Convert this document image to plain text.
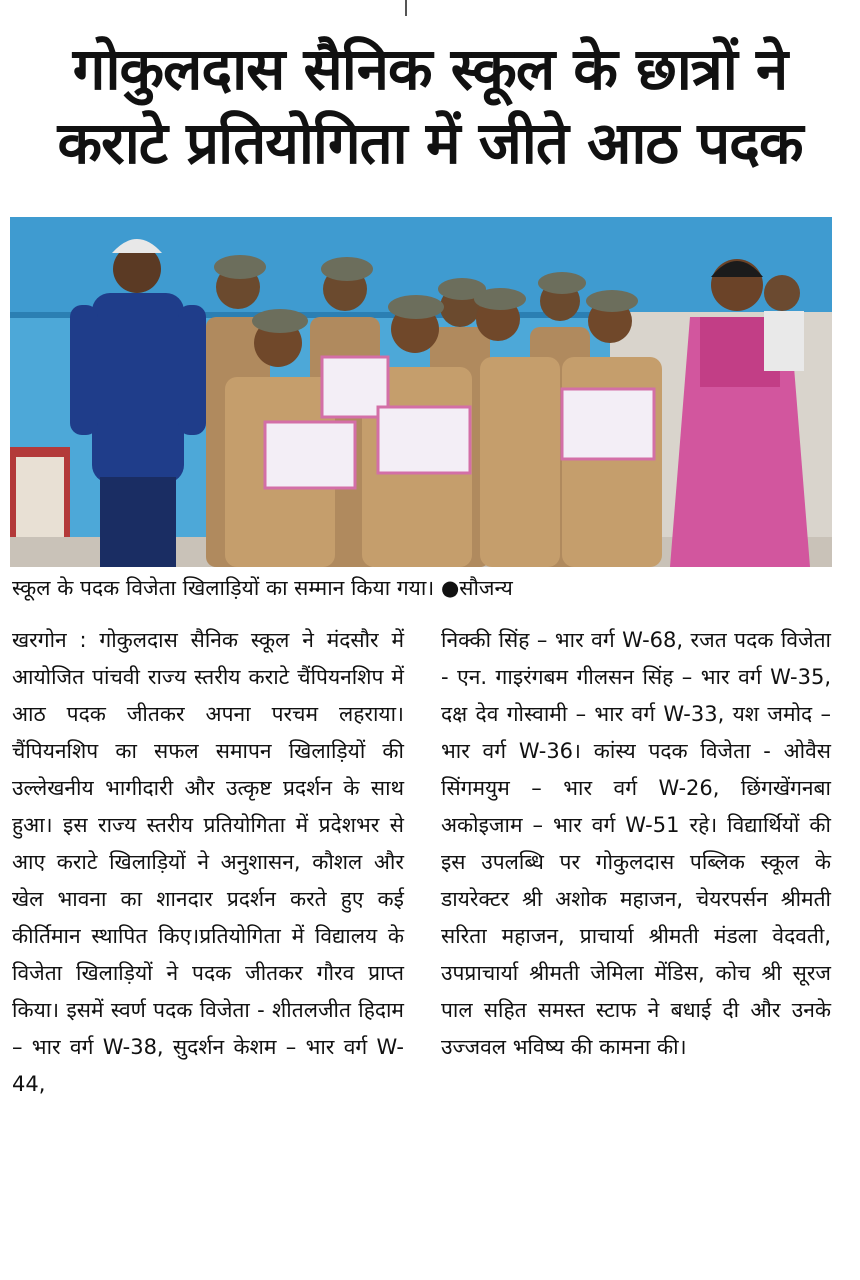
गोकुलदास सैनिक स्कूल के छात्रों ने
कराटे प्रतियोगिता में जीते आठ पदक
स्कूल के पदक विजेता खिलाड़ियों का सम्मान किया गया। ●सौजन्य

खरगोन : गोकुलदास सैनिक स्कूल ने मंदसौर में आयोजित पांचवी राज्य स्तरीय कराटे चैंपियनशिप में आठ पदक जीतकर अपना परचम लहराया। चैंपियनशिप का सफल समापन खिलाड़ियों की उल्लेखनीय भागीदारी और उत्कृष्ट प्रदर्शन के साथ हुआ। इस राज्य स्तरीय प्रतियोगिता में प्रदेशभर से आए कराटे खिलाड़ियों ने अनुशासन, कौशल और खेल भावना का शानदार प्रदर्शन करते हुए कई कीर्तिमान स्थापित किए।प्रतियोगिता में विद्यालय के विजेता खिलाड़ियों ने पदक जीतकर गौरव प्राप्त किया। इसमें स्वर्ण पदक विजेता - शीतलजीत हिदाम – भार वर्ग W-38, सुदर्शन केशम – भार वर्ग W-44,

निक्की सिंह – भार वर्ग W-68, रजत पदक विजेता - एन. गाइरंगबम गीलसन सिंह – भार वर्ग W-35, दक्ष देव गोस्वामी – भार वर्ग W-33, यश जमोद – भार वर्ग W-36। कांस्य पदक विजेता - ओवैस सिंगमयुम – भार वर्ग W-26, छिंगखेंगनबा अकोइजाम – भार वर्ग W-51 रहे। विद्यार्थियों की इस उपलब्धि पर गोकुलदास पब्लिक स्कूल के डायरेक्टर श्री अशोक महाजन, चेयरपर्सन श्रीमती सरिता महाजन, प्राचार्या श्रीमती मंडला वेदवती, उपप्राचार्या श्रीमती जेमिला मेंडिस, कोच श्री सूरज पाल सहित समस्त स्टाफ ने बधाई दी और उनके उज्जवल भविष्य की कामना की।
